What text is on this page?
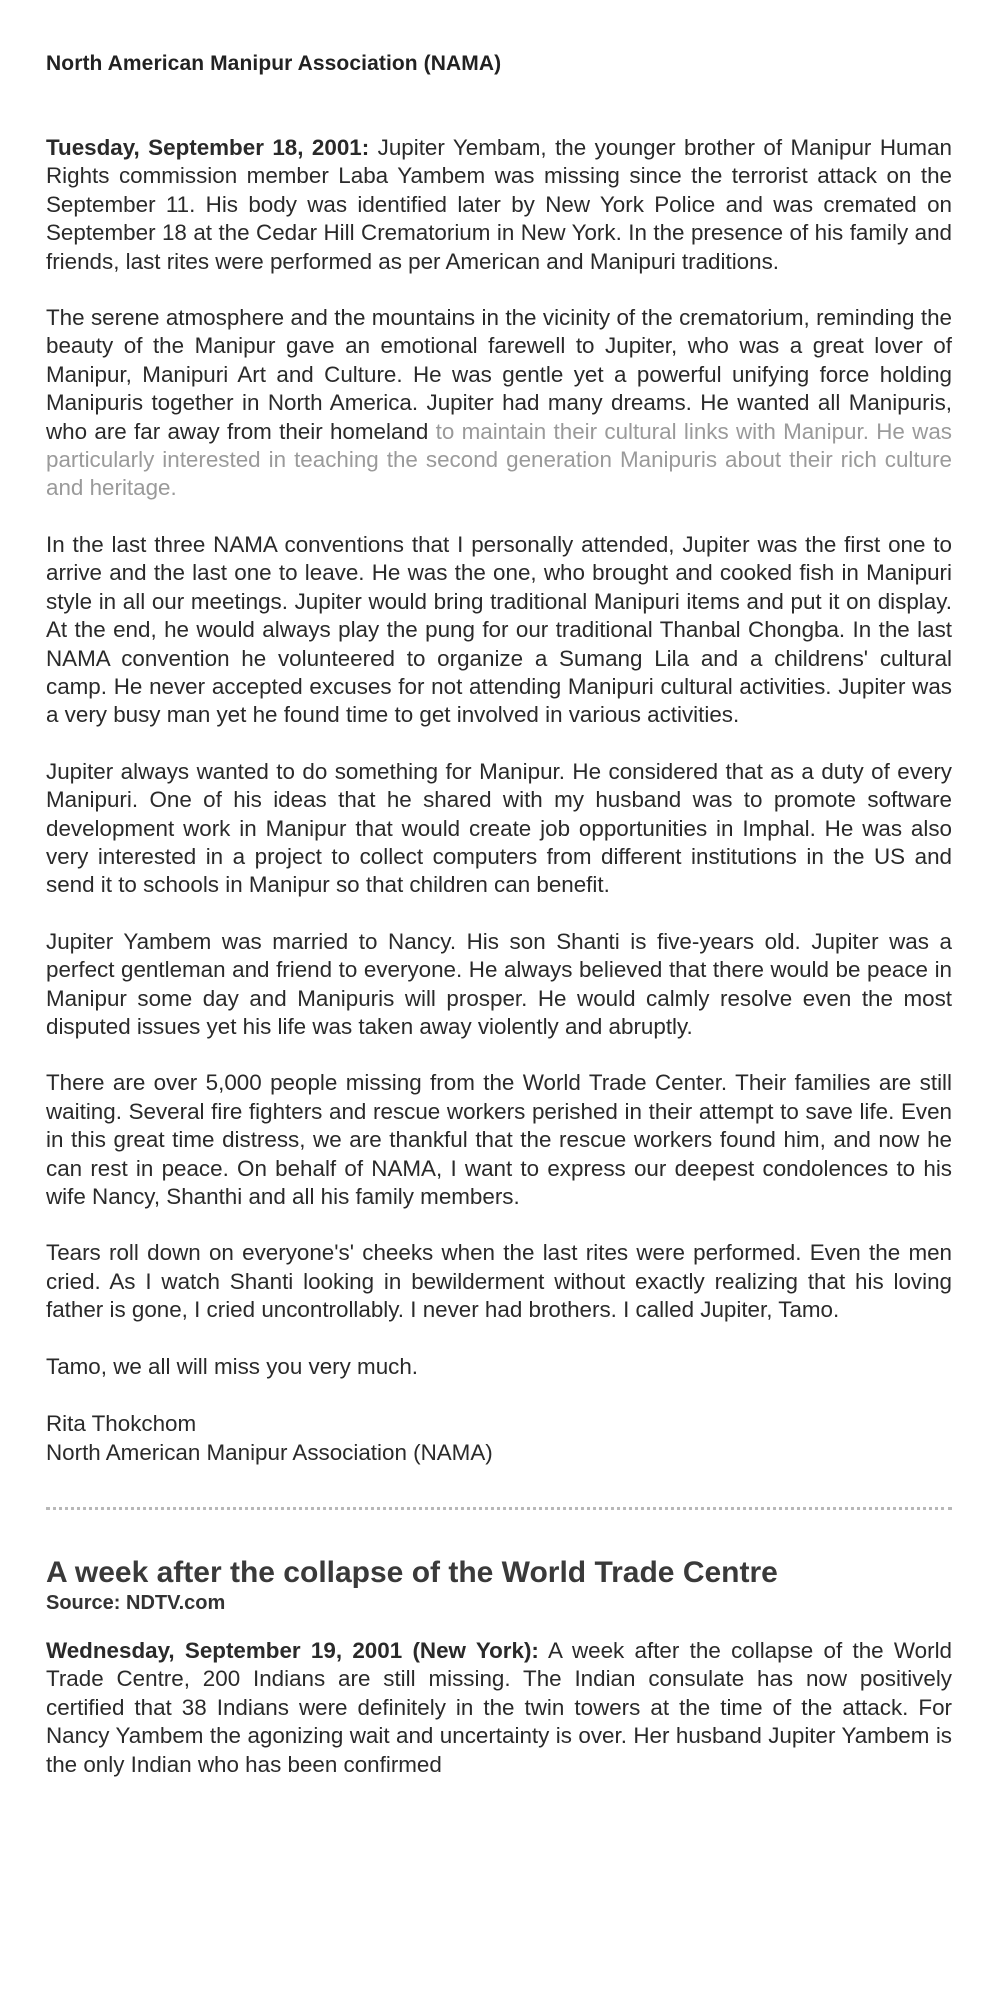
North American Manipur Association (NAMA)

Tuesday, September 18, 2001: Jupiter Yembam, the younger brother of Manipur Human Rights commission member Laba Yambem was missing since the terrorist attack on the September 11. His body was identified later by New York Police and was cremated on September 18 at the Cedar Hill Crematorium in New York. In the presence of his family and friends, last rites were performed as per American and Manipuri traditions.

The serene atmosphere and the mountains in the vicinity of the crematorium, reminding the beauty of the Manipur gave an emotional farewell to Jupiter, who was a great lover of Manipur, Manipuri Art and Culture. He was gentle yet a powerful unifying force holding Manipuris together in North America. Jupiter had many dreams. He wanted all Manipuris, who are far away from their homeland to maintain their cultural links with Manipur. He was particularly interested in teaching the second generation Manipuris about their rich culture and heritage.

In the last three NAMA conventions that I personally attended, Jupiter was the first one to arrive and the last one to leave. He was the one, who brought and cooked fish in Manipuri style in all our meetings. Jupiter would bring traditional Manipuri items and put it on display. At the end, he would always play the pung for our traditional Thanbal Chongba. In the last NAMA convention he volunteered to organize a Sumang Lila and a childrens' cultural camp. He never accepted excuses for not attending Manipuri cultural activities. Jupiter was a very busy man yet he found time to get involved in various activities.

Jupiter always wanted to do something for Manipur. He considered that as a duty of every Manipuri. One of his ideas that he shared with my husband was to promote software development work in Manipur that would create job opportunities in Imphal. He was also very interested in a project to collect computers from different institutions in the US and send it to schools in Manipur so that children can benefit.

Jupiter Yambem was married to Nancy. His son Shanti is five-years old. Jupiter was a perfect gentleman and friend to everyone. He always believed that there would be peace in Manipur some day and Manipuris will prosper. He would calmly resolve even the most disputed issues yet his life was taken away violently and abruptly.

There are over 5,000 people missing from the World Trade Center. Their families are still waiting. Several fire fighters and rescue workers perished in their attempt to save life. Even in this great time distress, we are thankful that the rescue workers found him, and now he can rest in peace. On behalf of NAMA, I want to express our deepest condolences to his wife Nancy, Shanthi and all his family members.

Tears roll down on everyone's' cheeks when the last rites were performed. Even the men cried. As I watch Shanti looking in bewilderment without exactly realizing that his loving father is gone, I cried uncontrollably. I never had brothers. I called Jupiter, Tamo.

Tamo, we all will miss you very much.

Rita Thokchom
North American Manipur Association (NAMA)
A week after the collapse of the World Trade Centre
Source: NDTV.com

Wednesday, September 19, 2001 (New York): A week after the collapse of the World Trade Centre, 200 Indians are still missing. The Indian consulate has now positively certified that 38 Indians were definitely in the twin towers at the time of the attack. For Nancy Yambem the agonizing wait and uncertainty is over. Her husband Jupiter Yambem is the only Indian who has been confirmed
